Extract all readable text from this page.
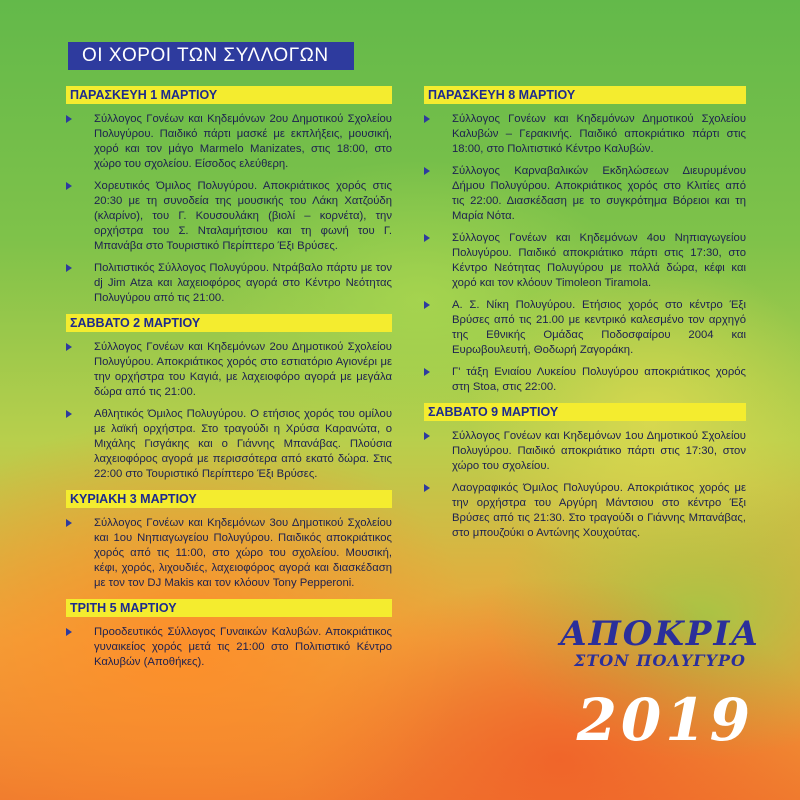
ΟΙ ΧΟΡΟΙ ΤΩΝ ΣΥΛΛΟΓΩΝ
ΠΑΡΑΣΚΕΥΗ 1 ΜΑΡΤΙΟΥ
Σύλλογος Γονέων και Κηδεμόνων 2ου Δημοτικού Σχολείου Πολυγύρου. Παιδικό πάρτι μασκέ με εκπλήξεις, μουσική, χορό και τον μάγο Marmelo Manizates, στις 18:00, στο χώρο του σχολείου. Είσοδος ελεύθερη.
Χορευτικός Όμιλος Πολυγύρου. Αποκριάτικος χορός στις 20:30 με τη συνοδεία της μουσικής του Λάκη Χατζούδη (κλαρίνο), του Γ. Κουσουλάκη (βιολί – κορνέτα), την ορχήστρα του Σ. Νταλαμήτσιου και τη φωνή του Γ. Μπανάβα στο Τουριστικό Περίπτερο Έξι Βρύσες.
Πολιτιστικός Σύλλογος Πολυγύρου. Ντράβαλο πάρτυ με τον dj Jim Atza και λαχειοφόρος αγορά στο Κέντρο Νεότητας Πολυγύρου από τις 21:00.
ΣΑΒΒΑΤΟ 2 ΜΑΡΤΙΟΥ
Σύλλογος Γονέων και Κηδεμόνων 2ου Δημοτικού Σχολείου Πολυγύρου. Αποκριάτικος χορός στο εστιατόριο Αγιονέρι με την ορχήστρα του Καγιά, με λαχειοφόρο αγορά με μεγάλα δώρα από τις 21:00.
Αθλητικός Όμιλος Πολυγύρου. Ο ετήσιος χορός του ομίλου με λαϊκή ορχήστρα. Στο τραγούδι η Χρύσα Καρανώτα, ο Μιχάλης Γισγάκης και ο Γιάννης Μπανάβας. Πλούσια λαχειοφόρος αγορά με περισσότερα από εκατό δώρα. Στις 22:00 στο Τουριστικό Περίπτερο Έξι Βρύσες.
ΚΥΡΙΑΚΗ 3 ΜΑΡΤΙΟΥ
Σύλλογος Γονέων και Κηδεμόνων 3ου Δημοτικού Σχολείου και 1ου Νηπιαγωγείου Πολυγύρου. Παιδικός αποκριάτικος χορός από τις 11:00, στο χώρο του σχολείου. Μουσική, κέφι, χορός, λιχουδιές, λαχειοφόρος αγορά και διασκέδαση με τον τον DJ Makis και τον κλόουν Tony Pepperoni.
ΤΡΙΤΗ 5 ΜΑΡΤΙΟΥ
Προοδευτικός Σύλλογος Γυναικών Καλυβών. Αποκριάτικος γυναικείος χορός μετά τις 21:00 στο Πολιτιστικό Κέντρο Καλυβών (Αποθήκες).
ΠΑΡΑΣΚΕΥΗ 8 ΜΑΡΤΙΟΥ
Σύλλογος Γονέων και Κηδεμόνων Δημοτικού Σχολείου Καλυβών – Γερακινής. Παιδικό αποκριάτικο πάρτι στις 18:00, στο Πολιτιστικό Κέντρο Καλυβών.
Σύλλογος Καρναβαλικών Εκδηλώσεων Διευρυμένου Δήμου Πολυγύρου. Αποκριάτικος χορός στο Κλιτίες από τις 22:00. Διασκέδαση με το συγκρότημα Βόρειοι και τη Μαρία Νότα.
Σύλλογος Γονέων και Κηδεμόνων 4ου Νηπιαγωγείου Πολυγύρου. Παιδικό αποκριάτικο πάρτι στις 17:30, στο Κέντρο Νεότητας Πολυγύρου με πολλά δώρα, κέφι και χορό και τον κλόουν Timoleon Tiramola.
Α. Σ. Νίκη Πολυγύρου. Ετήσιος χορός στο κέντρο Έξι Βρύσες από τις 21.00 με κεντρικό καλεσμένο τον αρχηγό της Εθνικής Ομάδας Ποδοσφαίρου 2004 και Ευρωβουλευτή, Θοδωρή Ζαγοράκη.
Γ' τάξη Ενιαίου Λυκείου Πολυγύρου αποκριάτικος χορός στη Stoa, στις 22:00.
ΣΑΒΒΑΤΟ 9 ΜΑΡΤΙΟΥ
Σύλλογος Γονέων και Κηδεμόνων 1ου Δημοτικού Σχολείου Πολυγύρου. Παιδικό αποκριάτικο πάρτι στις 17:30, στον χώρο του σχολείου.
Λαογραφικός Όμιλος Πολυγύρου. Αποκριάτικος χορός με την ορχήστρα του Αργύρη Μάντσιου στο κέντρο Έξι Βρύσες από τις 21:30. Στο τραγούδι ο Γιάννης Μπανάβας, στο μπουζούκι ο Αντώνης Χουχούτας.
ΑΠΟΚΡΙΑ
ΣΤΟΝ ΠΟΛΥΓΥΡΟ
2019
